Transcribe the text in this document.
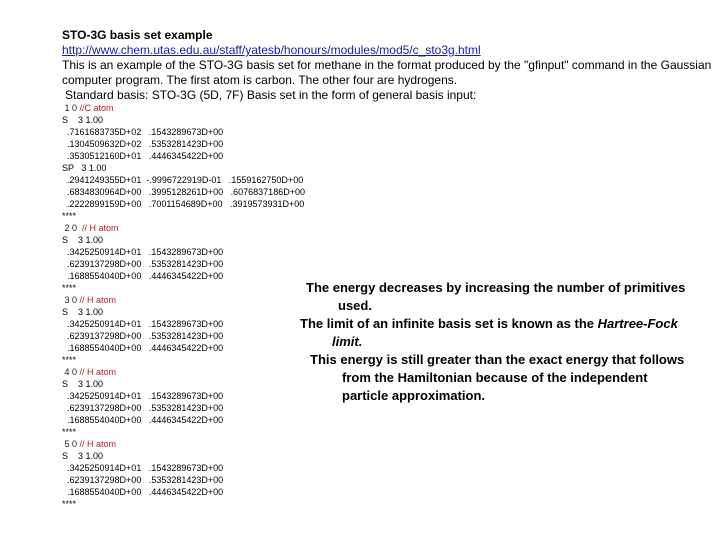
STO-3G basis set example
http://www.chem.utas.edu.au/staff/yatesb/honours/modules/mod5/c_sto3g.html
This is an example of the STO-3G basis set for methane in the format produced by the "gfinput" command in the Gaussian computer program. The first atom is carbon. The other four are hydrogens.
Standard basis: STO-3G (5D, 7F) Basis set in the form of general basis input:
1 0 //C atom
S    3 1.00
.7161683735D+02   .1543289673D+00
.1304509632D+02   .5353281423D+00
.3530512160D+01   .4446345422D+00
SP   3 1.00
.2941249355D+01  -.9996722919D-01   .1559162750D+00
.6834830964D+00   .3995128261D+00   .6076837186D+00
.2222899159D+00   .7001154689D+00   .3919573931D+00
****
2 0  // H atom
S    3 1.00
.3425250914D+01   .1543289673D+00
.6239137298D+00   .5353281423D+00
.1688554040D+00   .4446345422D+00
****
3 0 // H atom
S    3 1.00
.3425250914D+01   .1543289673D+00
.6239137298D+00   .5353281423D+00
.1688554040D+00   .4446345422D+00
****
4 0 // H atom
S    3 1.00
.3425250914D+01   .1543289673D+00
.6239137298D+00   .5353281423D+00
.1688554040D+00   .4446345422D+00
****
5 0 // H atom
S    3 1.00
.3425250914D+01   .1543289673D+00
.6239137298D+00   .5353281423D+00
.1688554040D+00   .4446345422D+00
****
The energy decreases by increasing the number of primitives used.
The limit of an infinite basis set is known as the Hartree-Fock limit.
This energy is still greater than the exact energy that follows from the Hamiltonian because of the independent particle approximation.
